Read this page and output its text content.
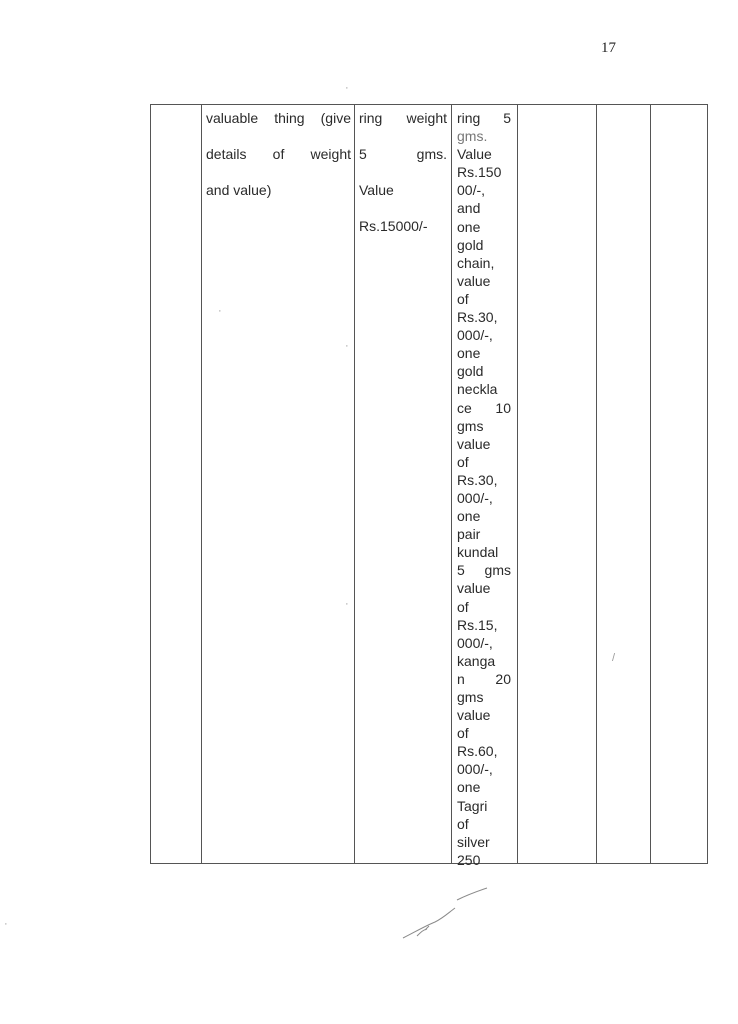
17
valuable thing (give
details of weight
and value)
ring weight
5	gms.
Value
Rs.15000/-
ring 5
gms.
Value
Rs.150
00/-,
and
one
gold
chain,
value
of
Rs.30,
000/-,
one
gold
neckla
ce 10
gms
value
of
Rs.30,
000/-,
one
pair
kundal
5 gms
value
of
Rs.15,
000/-,
kanga
n 20
gms
value
of
Rs.60,
000/-,
one
Tagri
of
silver
250
·
·
·
·
/
·
